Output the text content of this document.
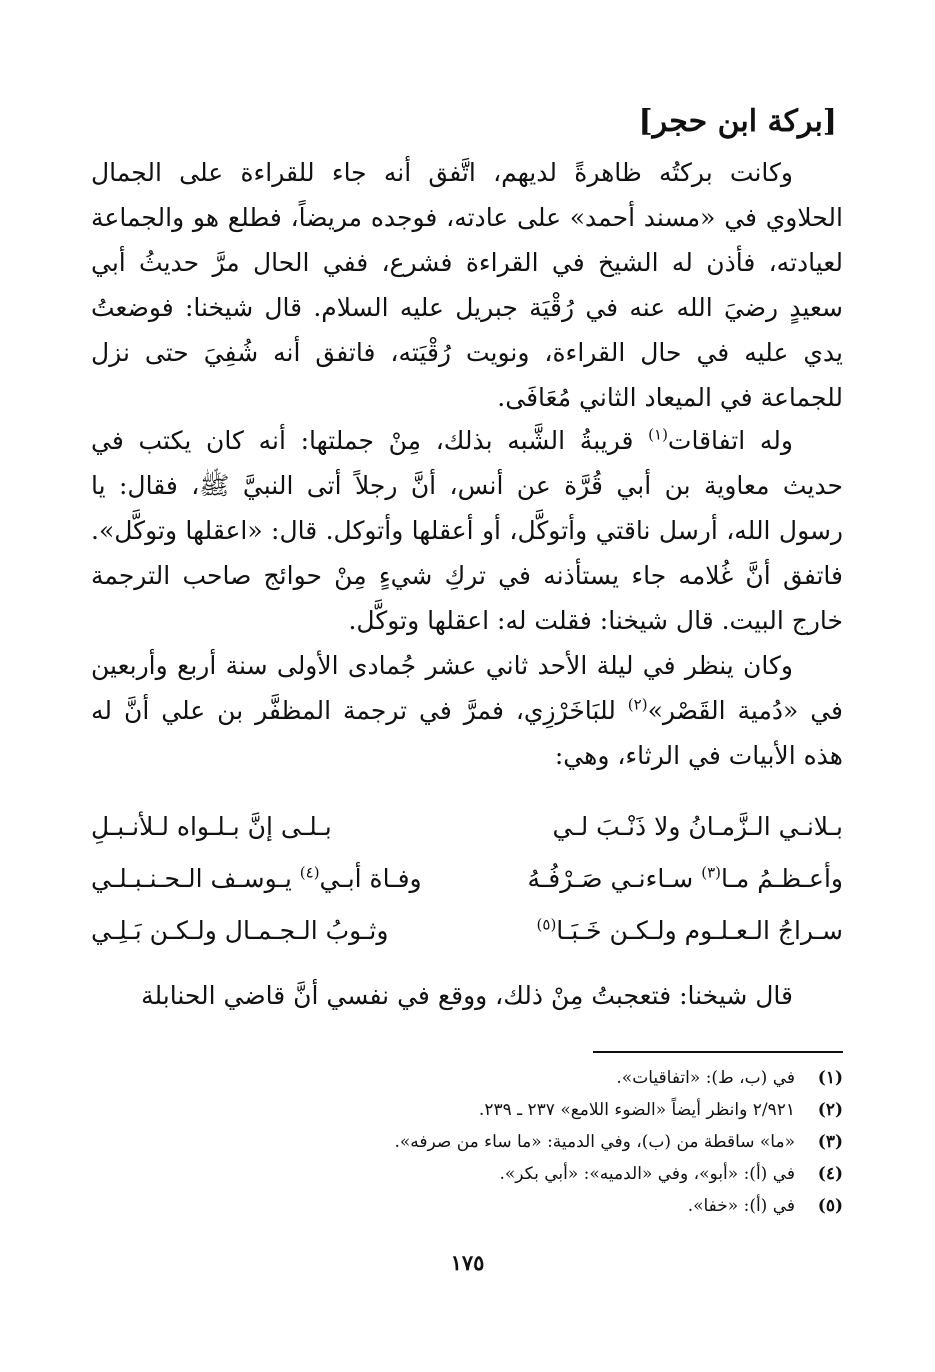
[بركة ابن حجر]
وكانت بركتُه ظاهرةً لديهم، اتَّفق أنه جاء للقراءة على الجمال الحلاوي في «مسند أحمد» على عادته، فوجده مريضاً، فطلع هو والجماعة لعيادته، فأذن له الشيخ في القراءة فشرع، ففي الحال مرَّ حديثُ أبي سعيدٍ رضيَ الله عنه في رُقْيَة جبريل عليه السلام. قال شيخنا: فوضعتُ يدي عليه في حال القراءة، ونويت رُقْيَته، فاتفق أنه شُفِيَ حتى نزل للجماعة في الميعاد الثاني مُعَافَى.
وله اتفاقات$^{(١)}$ قريبةُ الشَّبه بذلك، مِنْ جملتها: أنه كان يكتب في حديث معاوية بن أبي قُرَّة عن أنس، أنَّ رجلاً أتى النبيَّ ﷺ، فقال: يا رسول الله، أرسل ناقتي وأتوكَّل، أو أعقلها وأتوكل. قال: «اعقلها وتوكَّل». فاتفق أنَّ غُلامه جاء يستأذنه في تركِ شيءٍ مِنْ حوائج صاحب الترجمة خارج البيت. قال شيخنا: فقلت له: اعقلها وتوكَّل.
وكان ينظر في ليلة الأحد ثاني عشر جُمادى الأولى سنة أربع وأربعين في «دُمية القَصْر»$^{(٢)}$ للبَاخَرْزِي، فمرَّ في ترجمة المظفَّر بن علي أنَّ له هذه الأبيات في الرثاء، وهي:
بـلانـي الـزَّمـانُ ولا ذَنْـبَ لـي
بـلـى إنَّ بـلـواه لـلأنـبـلِ
وأعـظـمُ مـا$^{(٣)}$ سـاءنـي صَـرْفُـهُ
وفـاة أبـي$^{(٤)}$ يـوسـف الـحـنـبـلـي
سـراجُ الـعـلـوم ولـكـن خَـبَـا$^{(٥)}$
وثـوبُ الـجـمـال ولـكـن بَـلِـي
قال شيخنا: فتعجبتُ مِنْ ذلك، ووقع في نفسي أنَّ قاضي الحنابلة
(١)في (ب، ط): «اتفاقيات».
(٢)٢/٩٢١ وانظر أيضاً «الضوء اللامع» ٢٣٧ ـ ٢٣٩.
(٣)«ما» ساقطة من (ب)، وفي الدمية: «ما ساء من صرفه».
(٤)في (أ): «أبو»، وفي «الدميه»: «أبي بكر».
(٥)في (أ): «خفا».
١٧٥
